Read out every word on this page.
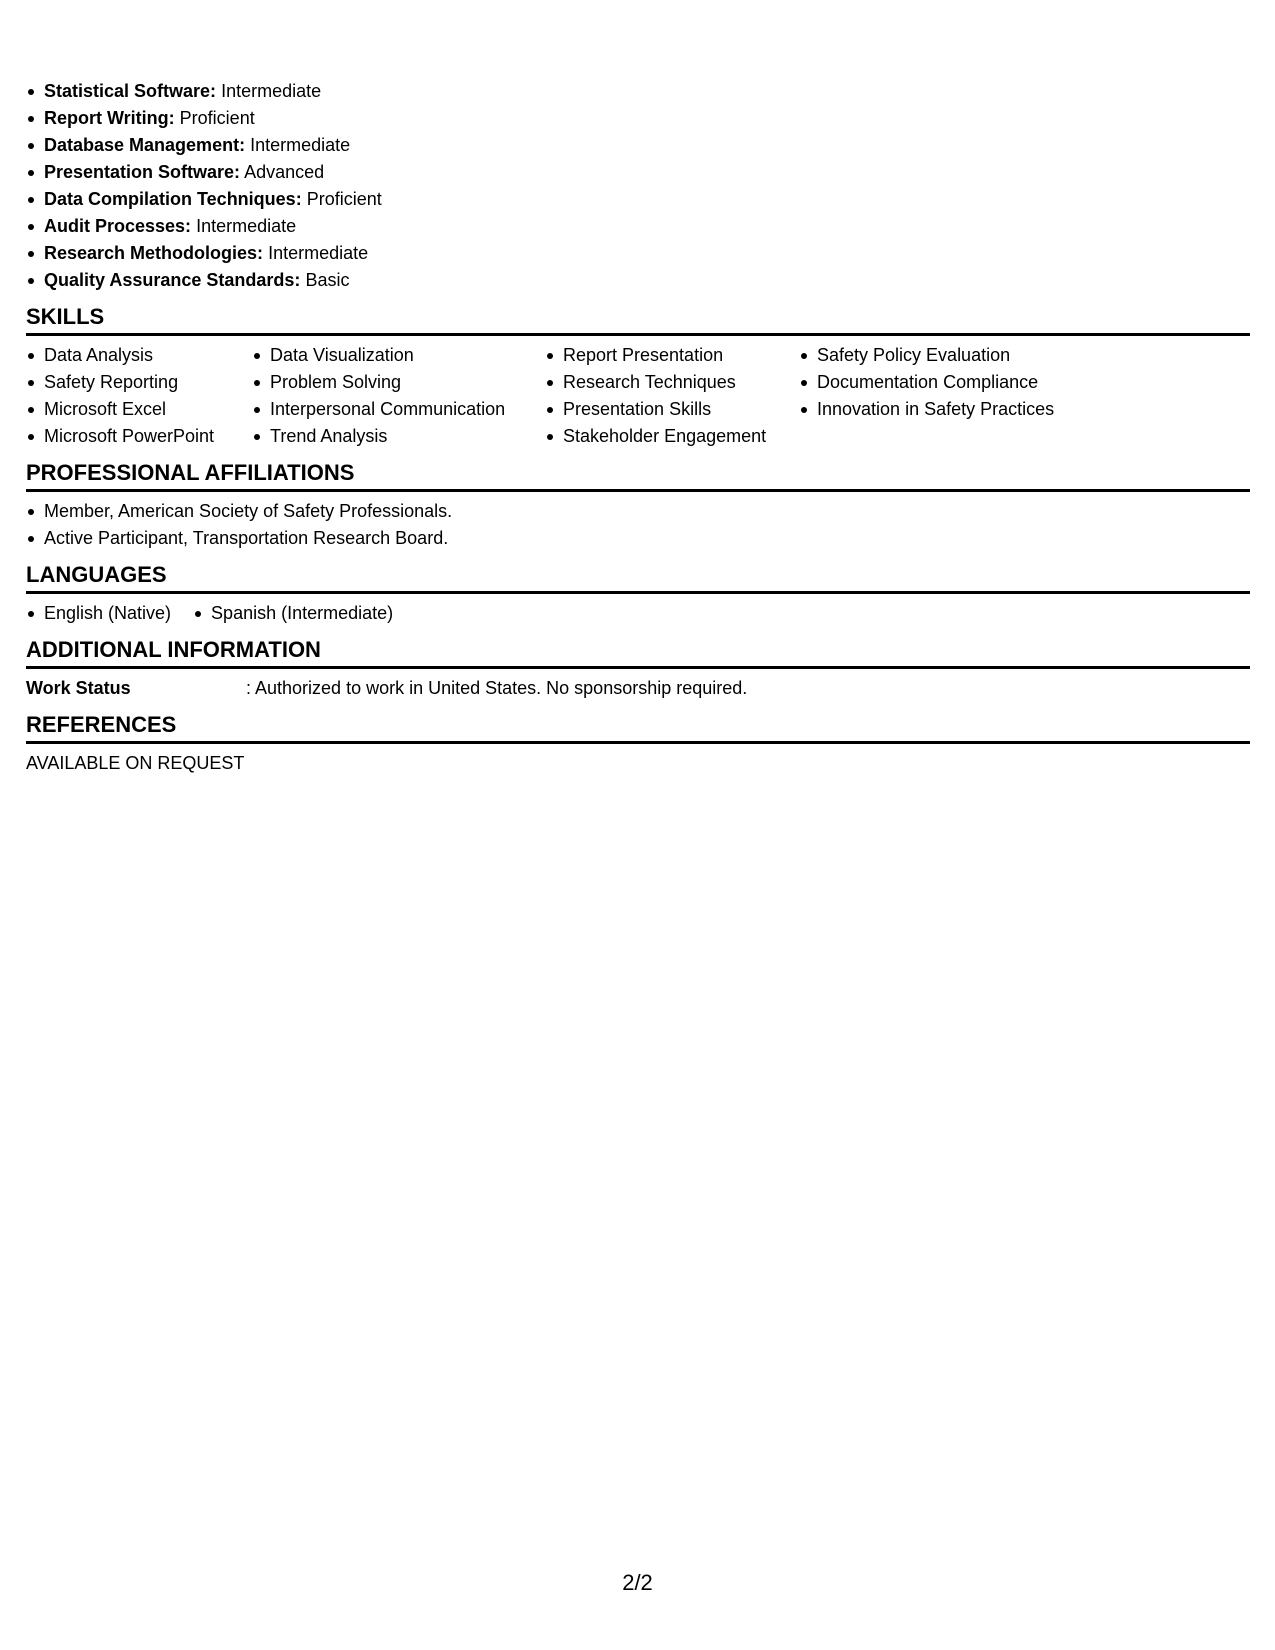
Statistical Software: Intermediate
Report Writing: Proficient
Database Management: Intermediate
Presentation Software: Advanced
Data Compilation Techniques: Proficient
Audit Processes: Intermediate
Research Methodologies: Intermediate
Quality Assurance Standards: Basic
SKILLS
Data Analysis
Safety Reporting
Microsoft Excel
Microsoft PowerPoint
Data Visualization
Problem Solving
Interpersonal Communication
Trend Analysis
Report Presentation
Research Techniques
Presentation Skills
Stakeholder Engagement
Safety Policy Evaluation
Documentation Compliance
Innovation in Safety Practices
PROFESSIONAL AFFILIATIONS
Member, American Society of Safety Professionals.
Active Participant, Transportation Research Board.
LANGUAGES
English (Native)	Spanish (Intermediate)
ADDITIONAL INFORMATION
Work Status	: Authorized to work in United States. No sponsorship required.
REFERENCES
AVAILABLE ON REQUEST
2/2
